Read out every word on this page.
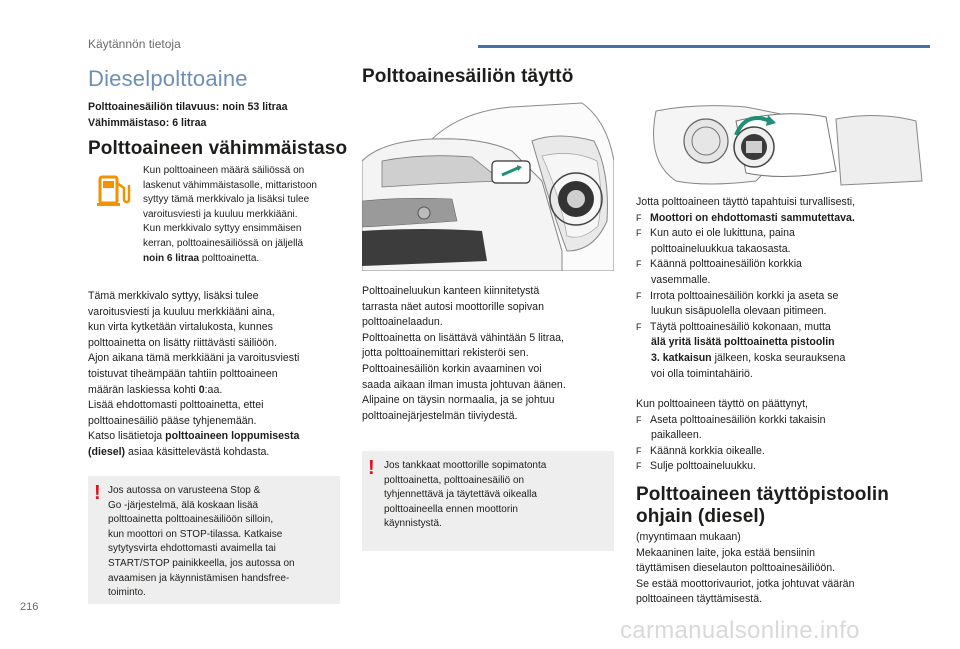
Käytännön tietoja
Dieselpolttoaine
Polttoainesäiliön tilavuus: noin 53 litraa
Vähimmäistaso: 6 litraa
Polttoaineen vähimmäistaso
Kun polttoaineen määrä säiliössä on
laskenut vähimmäistasolle, mittaristoon
syttyy tämä merkkivalo ja lisäksi tulee
varoitusviesti ja kuuluu merkkiääni.
Kun merkkivalo syttyy ensimmäisen
kerran, polttoainesäiliössä on jäljellä
noin 6 litraa polttoainetta.
Tämä merkkivalo syttyy, lisäksi tulee
varoitusviesti ja kuuluu merkkiääni aina,
kun virta kytketään virtalukosta, kunnes
polttoainetta on lisätty riittävästi säiliöön.
Ajon aikana tämä merkkiääni ja varoitusviesti
toistuvat tiheämpään tahtiin polttoaineen
määrän laskiessa kohti 0:aa.
Lisää ehdottomasti polttoainetta, ettei
polttoainesäiliö pääse tyhjenemään.
Katso lisätietoja polttoaineen loppumisesta
(diesel) asiaa käsittelevästä kohdasta.
! Jos autossa on varusteena Stop &
Go -järjestelmä, älä koskaan lisää
polttoainetta polttoainesäiliöön silloin,
kun moottori on STOP-tilassa. Katkaise
sytytysvirta ehdottomasti avaimella tai
START/STOP painikkeella, jos autossa on
avaamisen ja käynnistämisen handsfree-
toiminto.
Polttoainesäiliön täyttö
Polttoaineluukun kanteen kiinnitetystä
tarrasta näet autosi moottorille sopivan
polttoainelaadun.
Polttoainetta on lisättävä vähintään 5 litraa,
jotta polttoainemittari rekisteröi sen.
Polttoainesäiliön korkin avaaminen voi
saada aikaan ilman imusta johtuvan äänen.
Alipaine on täysin normaalia, ja se johtuu
polttoainejärjestelmän tiiviydestä.
! Jos tankkaat moottorille sopimatonta
polttoainetta, polttoainesäiliö on
tyhjennettävä ja täytettävä oikealla
polttoaineella ennen moottorin
käynnistystä.
Jotta polttoaineen täyttö tapahtuisi turvallisesti,
F Moottori on ehdottomasti sammutettava.
F Kun auto ei ole lukittuna, paina
polttoaineluukkua takaosasta.
F Käännä polttoainesäiliön korkkia
vasemmalle.
F Irrota polttoainesäiliön korkki ja aseta se
luukun sisäpuolella olevaan pitimeen.
F Täytä polttoainesäiliö kokonaan, mutta
älä yritä lisätä polttoainetta pistoolin
3. katkaisun jälkeen, koska seurauksena
voi olla toimintahäiriö.
Kun polttoaineen täyttö on päättynyt,
F Aseta polttoainesäiliön korkki takaisin
paikalleen.
F Käännä korkkia oikealle.
F Sulje polttoaineluukku.
Polttoaineen täyttöpistoolin
ohjain (diesel)
(myyntimaan mukaan)
Mekaaninen laite, joka estää bensiinin
täyttämisen dieselauton polttoainesäiliöön.
Se estää moottorivauriot, jotka johtuvat väärän
polttoaineen täyttämisestä.
216
carmanualsonline.info
